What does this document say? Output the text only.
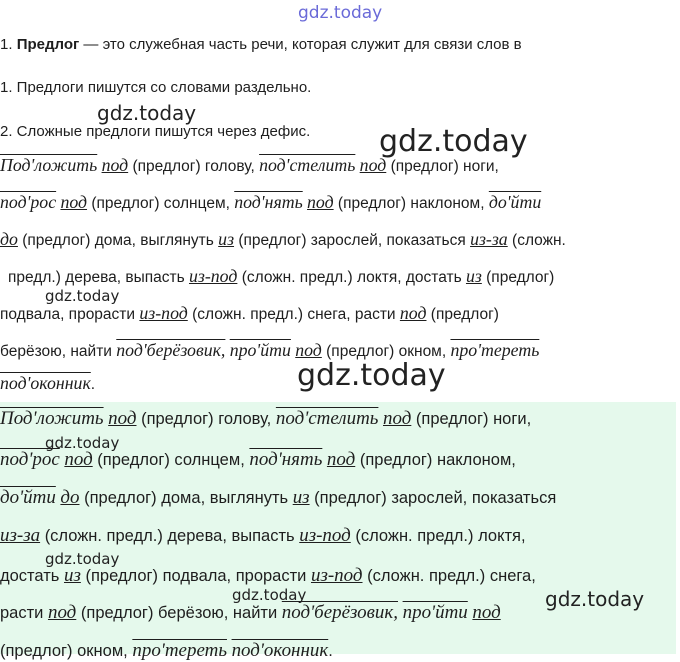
gdz.today
1. Предлог — это служебная часть речи, которая служит для связи слов в
1. Предлоги пишутся со словами раздельно.
2. Сложные предлоги пишутся через дефис.
Под'ложить под (предлог) голову, под'стелить под (предлог) ноги,
под'рос под (предлог) солнцем, под'нять под (предлог) наклоном, до'йти
до (предлог) дома, выглянуть из (предлог) зарослей, показаться из-за (сложн.
предл.) дерева, выпасть из-под (сложн. предл.) локтя, достать из (предлог)
подвала, прорасти из-под (сложн. предл.) снега, расти под (предлог)
берёзою, найти под'берёзовик, про'йти под (предлог) окном, про'тереть
под'оконник.
Под'ложить под (предлог) голову, под'стелить под (предлог) ноги,
под'рос под (предлог) солнцем, под'нять под (предлог) наклоном,
до'йти до (предлог) дома, выглянуть из (предлог) зарослей, показаться
из-за (сложн. предл.) дерева, выпасть из-под (сложн. предл.) локтя,
достать из (предлог) подвала, прорасти из-под (сложн. предл.) снега,
расти под (предлог) берёзою, найти под'берёзовик, про'йти под
(предлог) окном, про'тереть под'оконник.
gdz.today
gdz.today
gdz.today
gdz.today
gdz.today
gdz.today
gdz.today	gdz.today
